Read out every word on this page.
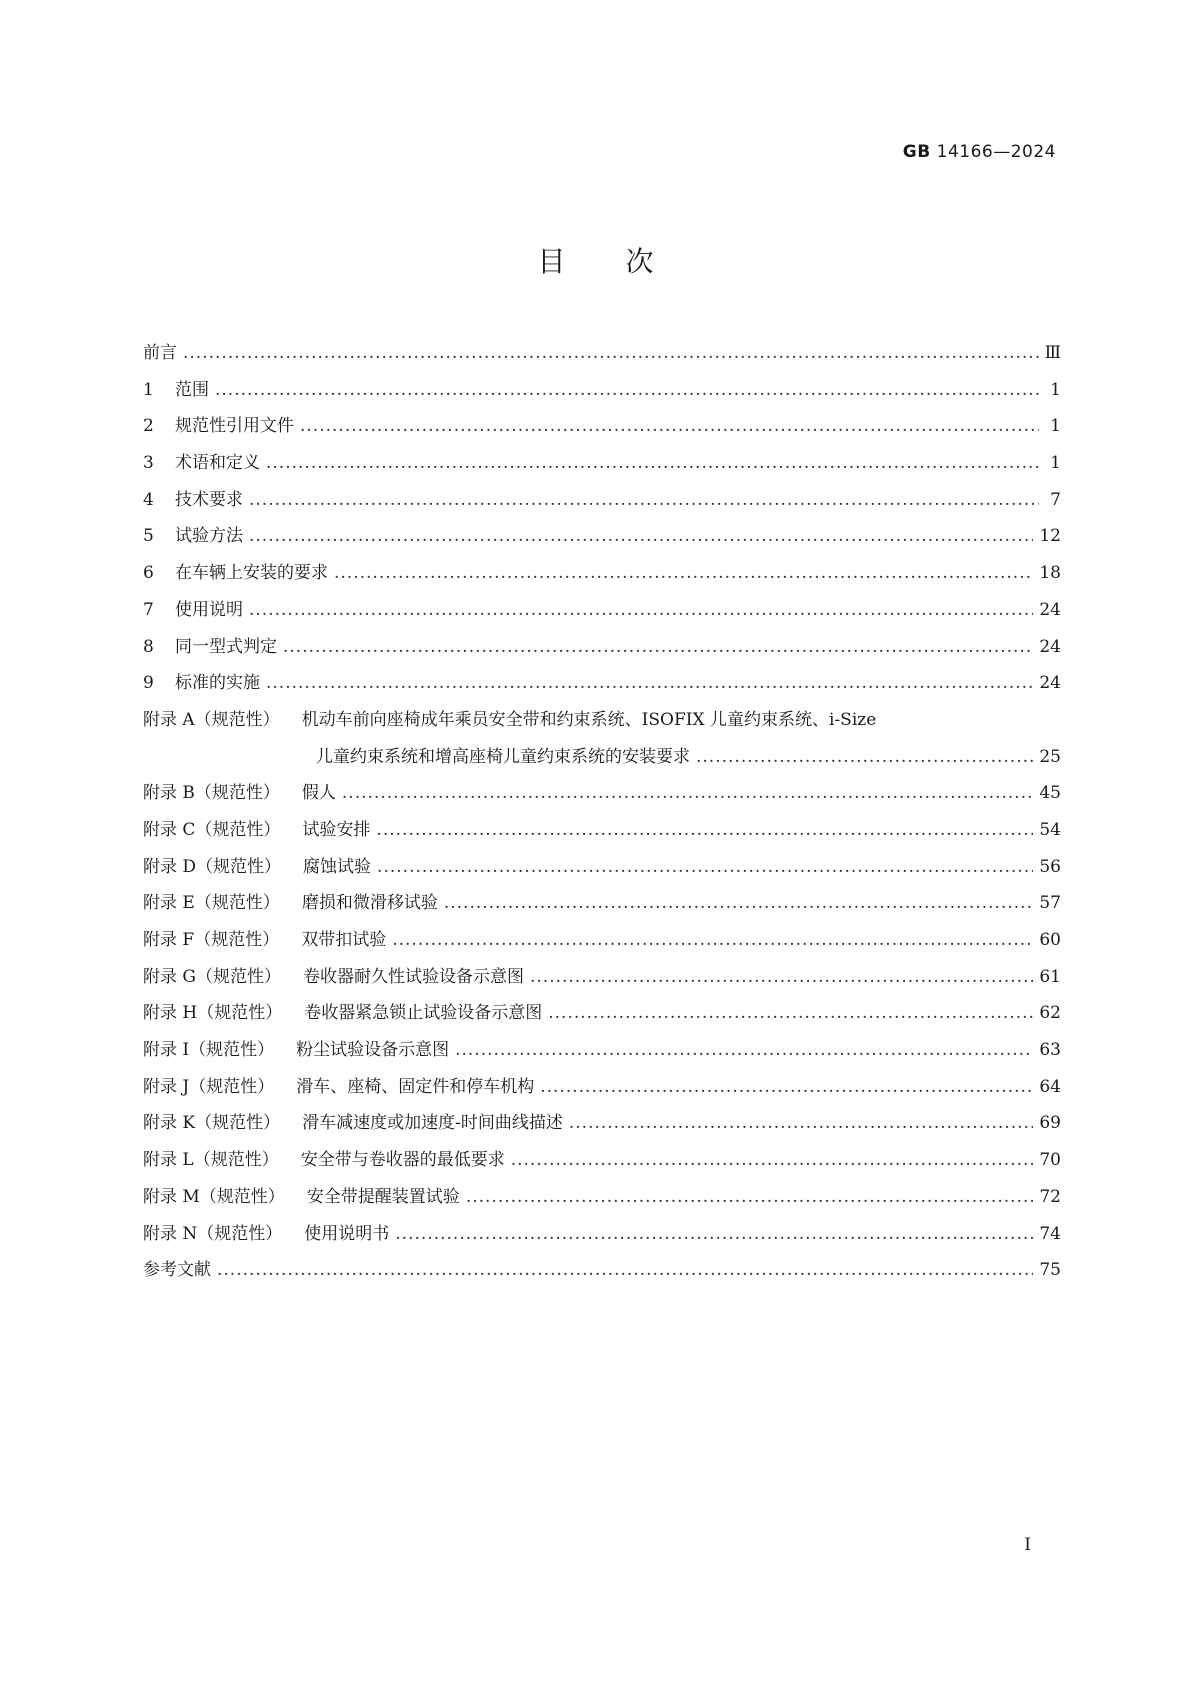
GB 14166—2024
目次
前言 .....	Ⅲ
1	范围 .....	1
2	规范性引用文件 .....	1
3	术语和定义 .....	1
4	技术要求 .....	7
5	试验方法 .....	12
6	在车辆上安装的要求 .....	18
7	使用说明 .....	24
8	同一型式判定 .....	24
9	标准的实施 .....	24
附录 A（规范性） 机动车前向座椅成年乘员安全带和约束系统、ISOFIX 儿童约束系统、i-Size
儿童约束系统和增高座椅儿童约束系统的安装要求 .....	25
附录 B（规范性） 假人 .....	45
附录 C（规范性） 试验安排 .....	54
附录 D（规范性） 腐蚀试验 .....	56
附录 E（规范性） 磨损和微滑移试验 .....	57
附录 F（规范性） 双带扣试验 .....	60
附录 G（规范性） 卷收器耐久性试验设备示意图 .....	61
附录 H（规范性） 卷收器紧急锁止试验设备示意图 .....	62
附录 I（规范性） 粉尘试验设备示意图 .....	63
附录 J（规范性） 滑车、座椅、固定件和停车机构 .....	64
附录 K（规范性） 滑车减速度或加速度-时间曲线描述 .....	69
附录 L（规范性） 安全带与卷收器的最低要求 .....	70
附录 M（规范性） 安全带提醒装置试验 .....	72
附录 N（规范性） 使用说明书 .....	74
参考文献 .....	75
I
